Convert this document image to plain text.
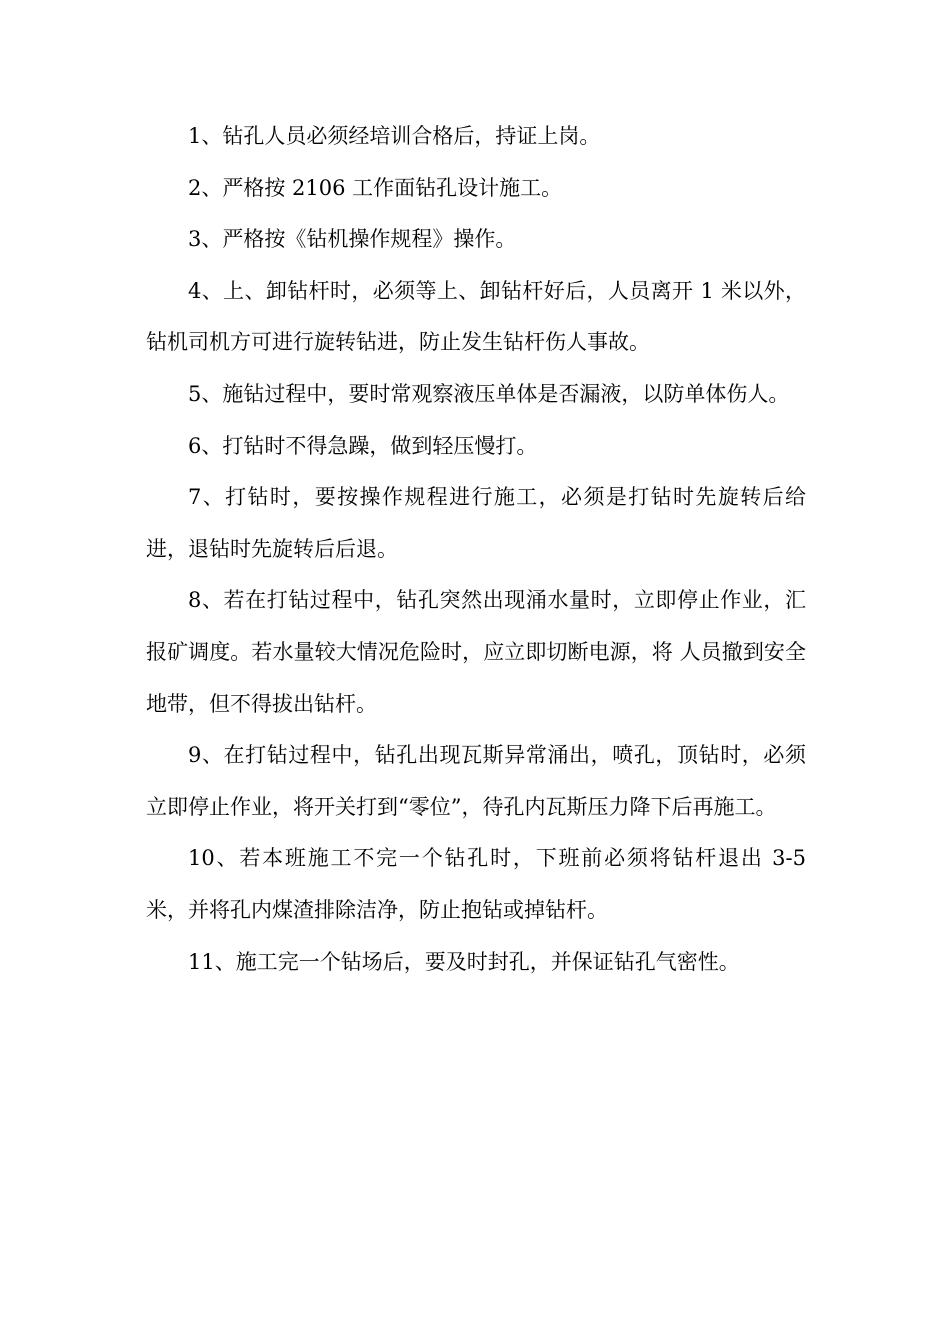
1、钻孔人员必须经培训合格后，持证上岗。

2、严格按 2106 工作面钻孔设计施工。

3、严格按《钻机操作规程》操作。

4、上、卸钻杆时，必须等上、卸钻杆好后，人员离开 1 米以外，钻机司机方可进行旋转钻进，防止发生钻杆伤人事故。

5、施钻过程中，要时常观察液压单体是否漏液，以防单体伤人。

6、打钻时不得急躁，做到轻压慢打。

7、打钻时，要按操作规程进行施工，必须是打钻时先旋转后给进，退钻时先旋转后后退。

8、若在打钻过程中，钻孔突然出现涌水量时，立即停止作业，汇报矿调度。若水量较大情况危险时，应立即切断电源，将 人员撤到安全地带，但不得拔出钻杆。

9、在打钻过程中，钻孔出现瓦斯异常涌出，喷孔，顶钻时，必须立即停止作业，将开关打到“零位”，待孔内瓦斯压力降下后再施工。

10、若本班施工不完一个钻孔时，下班前必须将钻杆退出 3-5 米，并将孔内煤渣排除洁净，防止抱钻或掉钻杆。

11、施工完一个钻场后，要及时封孔，并保证钻孔气密性。
